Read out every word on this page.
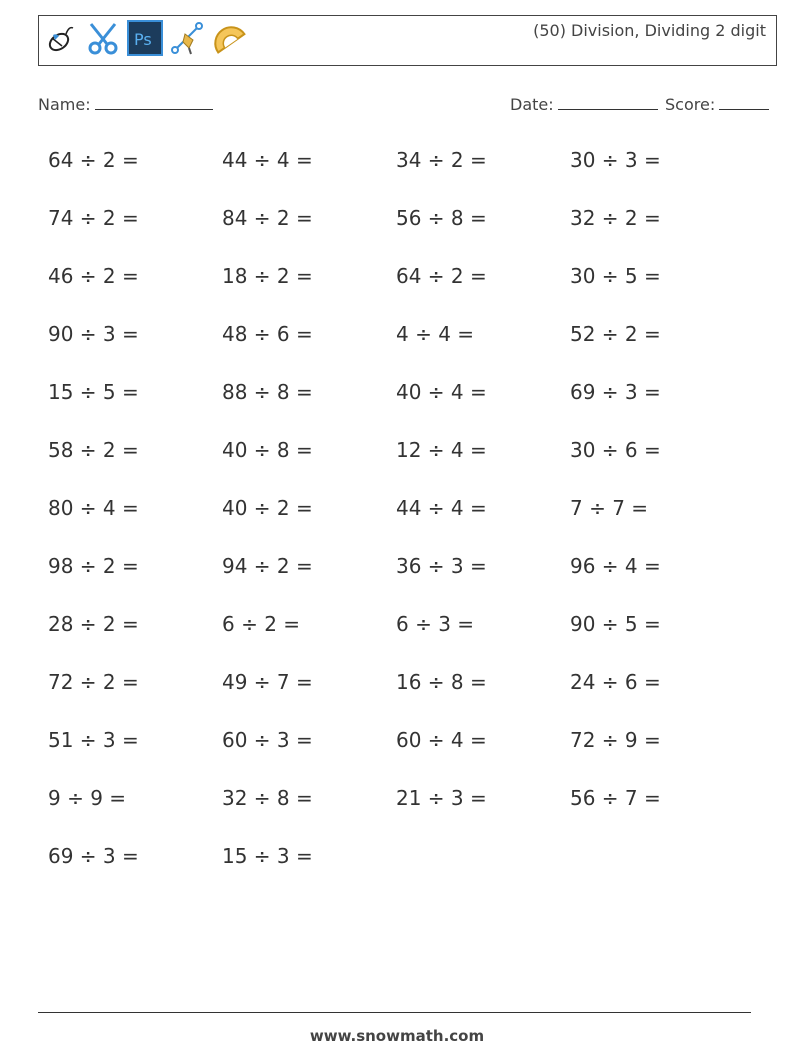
Ps	(50) Division, Dividing 2 digit
Name:	Date:	Score:
64 ÷ 2 =	44 ÷ 4 =	34 ÷ 2 =	30 ÷ 3 =
74 ÷ 2 =	84 ÷ 2 =	56 ÷ 8 =	32 ÷ 2 =
46 ÷ 2 =	18 ÷ 2 =	64 ÷ 2 =	30 ÷ 5 =
90 ÷ 3 =	48 ÷ 6 =	4 ÷ 4 =	52 ÷ 2 =
15 ÷ 5 =	88 ÷ 8 =	40 ÷ 4 =	69 ÷ 3 =
58 ÷ 2 =	40 ÷ 8 =	12 ÷ 4 =	30 ÷ 6 =
80 ÷ 4 =	40 ÷ 2 =	44 ÷ 4 =	7 ÷ 7 =
98 ÷ 2 =	94 ÷ 2 =	36 ÷ 3 =	96 ÷ 4 =
28 ÷ 2 =	6 ÷ 2 =	6 ÷ 3 =	90 ÷ 5 =
72 ÷ 2 =	49 ÷ 7 =	16 ÷ 8 =	24 ÷ 6 =
51 ÷ 3 =	60 ÷ 3 =	60 ÷ 4 =	72 ÷ 9 =
9 ÷ 9 =	32 ÷ 8 =	21 ÷ 3 =	56 ÷ 7 =
69 ÷ 3 =	15 ÷ 3 =
www.snowmath.com
